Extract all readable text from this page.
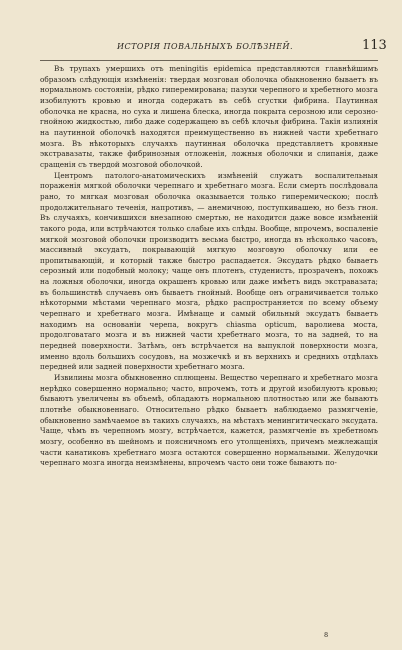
ИСТОРІЯ ПОВАЛЬНЫХЪ БОЛѢЗНЕЙ.	113

Въ трупахъ умершихъ отъ meningitis epidemica представляются главнѣйшимъ образомъ слѣдующія измѣненія: твердая мозговая оболочка обыкновенно бываетъ въ нормальномъ состояніи, рѣдко гиперемирована; пазухи черепного и хребетного мозга изобилуютъ кровью и иногда содержатъ въ себѣ сгустки фибрина. Паутинная оболочка не красна, но суха и лишена блеска, иногда покрыта серозною или серозно-гнойною жидкостью, либо даже содержащею въ себѣ клочья фибрина. Такія излиянія на паутинной оболочкѣ находятся преимущественно въ нижней части хребетнаго мозга. Въ нѣкоторыхъ случаяхъ паутинная оболочка представляетъ кровяные экстравазаты, также фибринозныя отложенія, ложныя оболочки и слипанія, даже сращенія съ твердой мозговой оболочкой.

Центромъ патолого-анатомическихъ измѣненій служатъ воспалительныя пораженія мягкой оболочки черепнаго и хребетнаго мозга. Если смерть послѣдовала рано, то мягкая мозговая оболочка оказывается только гиперемическою; послѣ продолжительнаго теченія, напротивъ, — анемичною, поступкивашею, но безъ гноя. Въ случаяхъ, кончившихся внезапною смертью, не находится даже вовсе измѣненій такого рода, или встрѣчаются только слабые ихъ слѣды. Вообще, впрочемъ, воспаленіе мягкой мозговой оболочки производитъ весьма быстро, иногда въ нѣсколько часовъ, массивный эксудатъ, покрывающій мягкую мозговую оболочку или ее пропитывающій, и который также быстро распадается. Эксудатъ рѣдко бываетъ серозный или подобный молоку; чаще онъ плотенъ, студенистъ, прозраченъ, похожъ на ложныя оболочки, иногда окрашенъ кровью или даже имѣетъ видъ экстравазата; въ большинствѣ случаевъ онъ бываетъ гнойный. Вообще онъ ограничивается только нѣкоторыми мѣстами черепнаго мозга, рѣдко распространяется по всему объему черепнаго и хребетнаго мозга. Имѣнаще и самый обильный эксудатъ бываетъ находимъ на основаніи черепа, вокругъ chiasma opticum, варолиева моста, продолговатаго мозга и въ нижней части хребетнаго мозга, то на задней, то на передней поверхности. Затѣмъ, онъ встрѣчается на выпуклой поверхности мозга, именно вдоль большихъ сосудовъ, на мозжечкѣ и въ верхнихъ и среднихъ отдѣлахъ передней или задней поверхности хребетнаго мозга.

Извилины мозга обыкновенно сплющены. Вещество черепнаго и хребетнаго мозга нерѣдко совершенно нормально; часто, впрочемъ, тотъ и другой изобилуютъ кровью; бываютъ увеличены въ объемѣ, обладаютъ нормальною плотностью или же бываютъ плотнѣе обыкновеннаго. Относительно рѣдко бываетъ наблюдаемо размягченіе, обыкновенно замѣчаемое въ такихъ случаяхъ, на мѣстахъ менингитическаго эксудата. Чаще, чѣмъ въ черепномъ мозгу, встрѣчается, кажется, размягченіе въ хребетномъ мозгу, особенно въ шейномъ и поясничномъ его утолщеніяхъ, причемъ межлежащія части канатиковъ хребетнаго мозга остаются совершенно нормальными. Желудочки черепнаго мозга иногда неизмѣнены, впрочемъ часто они тоже бываютъ по-

8
